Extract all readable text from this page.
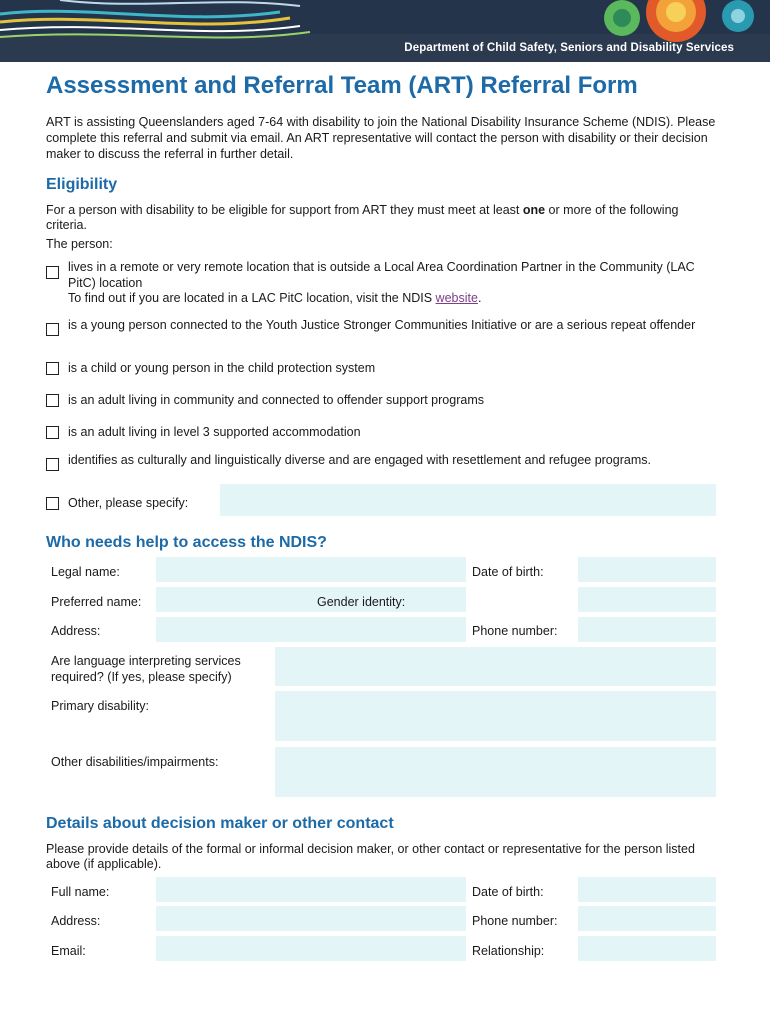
Department of Child Safety, Seniors and Disability Services
Assessment and Referral Team (ART) Referral Form
ART is assisting Queenslanders aged 7-64 with disability to join the National Disability Insurance Scheme (NDIS). Please complete this referral and submit via email. An ART representative will contact the person with disability or their decision maker to discuss the referral in further detail.
Eligibility
For a person with disability to be eligible for support from ART they must meet at least one or more of the following criteria.
The person:
lives in a remote or very remote location that is outside a Local Area Coordination Partner in the Community (LAC PitC) location
To find out if you are located in a LAC PitC location, visit the NDIS website.
is a young person connected to the Youth Justice Stronger Communities Initiative or are a serious repeat offender
is a child or young person in the child protection system
is an adult living in community and connected to offender support programs
is an adult living in level 3 supported accommodation
identifies as culturally and linguistically diverse and are engaged with resettlement and refugee programs.
Other, please specify:
Who needs help to access the NDIS?
Legal name:	Date of birth:
Preferred name:	Gender identity:
Address:	Phone number:
Are language interpreting services required? (If yes, please specify)
Primary disability:
Other disabilities/impairments:
Details about decision maker or other contact
Please provide details of the formal or informal decision maker, or other contact or representative for the person listed above (if applicable).
Full name:	Date of birth:
Address:	Phone number:
Email:	Relationship:
